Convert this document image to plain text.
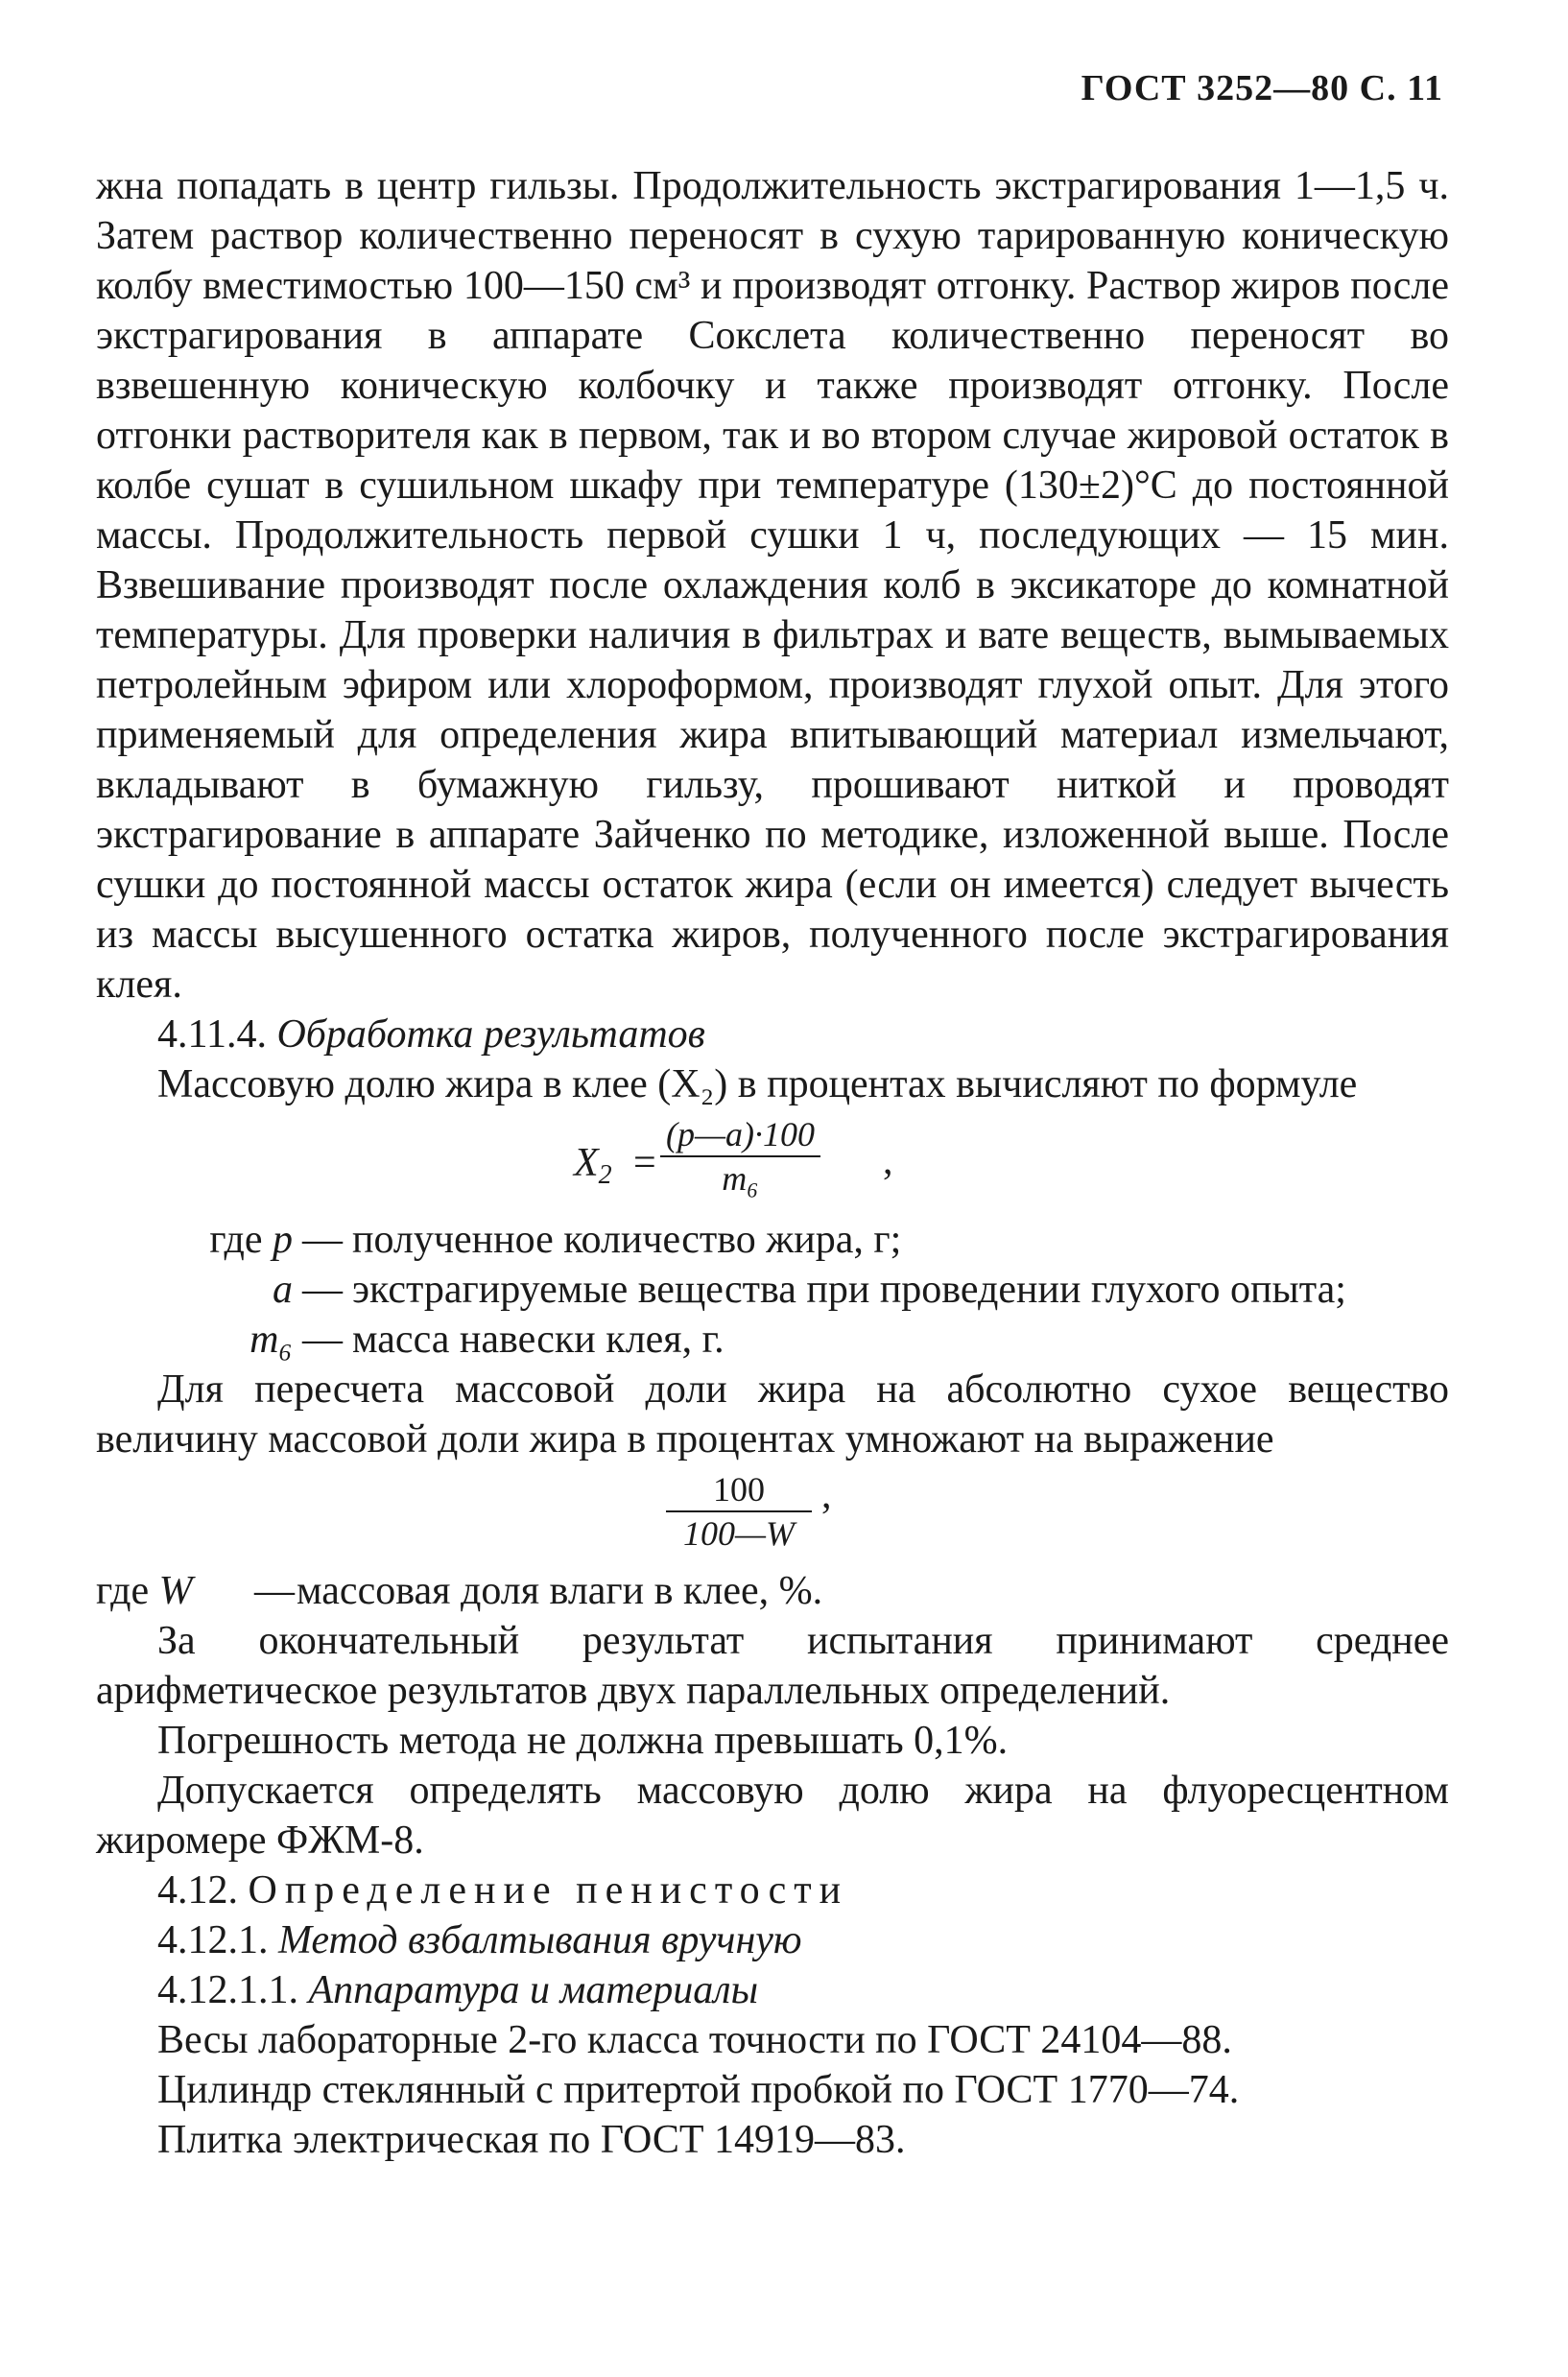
ГОСТ 3252—80 С. 11

жна попадать в центр гильзы. Продолжительность экстрагирования 1—1,5 ч. Затем раствор количественно переносят в сухую тарированную коническую колбу вместимостью 100—150 см³ и производят отгонку. Раствор жиров после экстрагирования в аппарате Сокслета количественно переносят во взвешенную коническую колбочку и также производят отгонку. После отгонки растворителя как в первом, так и во втором случае жировой остаток в колбе сушат в сушильном шкафу при температуре (130±2)°С до постоянной массы. Продолжительность первой сушки 1 ч, последующих — 15 мин. Взвешивание производят после охлаждения колб в эксикаторе до комнатной температуры. Для проверки наличия в фильтрах и вате веществ, вымываемых петролейным эфиром или хлороформом, производят глухой опыт. Для этого применяемый для определения жира впитывающий материал измельчают, вкладывают в бумажную гильзу, прошивают ниткой и проводят экстрагирование в аппарате Зайченко по методике, изложенной выше. После сушки до постоянной массы остаток жира (если он имеется) следует вычесть из массы высушенного остатка жиров, полученного после экстрагирования клея.

4.11.4. Обработка результатов

Массовую долю жира в клее (X₂) в процентах вычисляют по формуле

$X_2 = \frac{(p—a)\cdot 100}{\text{m₆}}$ ,
где p — полученное количество жира, г;
a — экстрагируемые вещества при проведении глухого опыта;
m₆ — масса навески клея, г.

Для пересчета массовой доли жира на абсолютно сухое вещество величину массовой доли жира в процентах умножают на выражение

$\frac{100}{100—W}$ ,
где W	— массовая доля влаги в клее, %.

За окончательный результат испытания принимают среднее арифметическое результатов двух параллельных определений.

Погрешность метода не должна превышать 0,1%.

Допускается определять массовую долю жира на флуоресцентном жиромере ФЖМ-8.

4.12. Определение пенистости

4.12.1. Метод взбалтывания вручную

4.12.1.1. Аппаратура и материалы

Весы лабораторные 2-го класса точности по ГОСТ 24104—88.

Цилиндр стеклянный с притертой пробкой по ГОСТ 1770—74.

Плитка электрическая по ГОСТ 14919—83.
